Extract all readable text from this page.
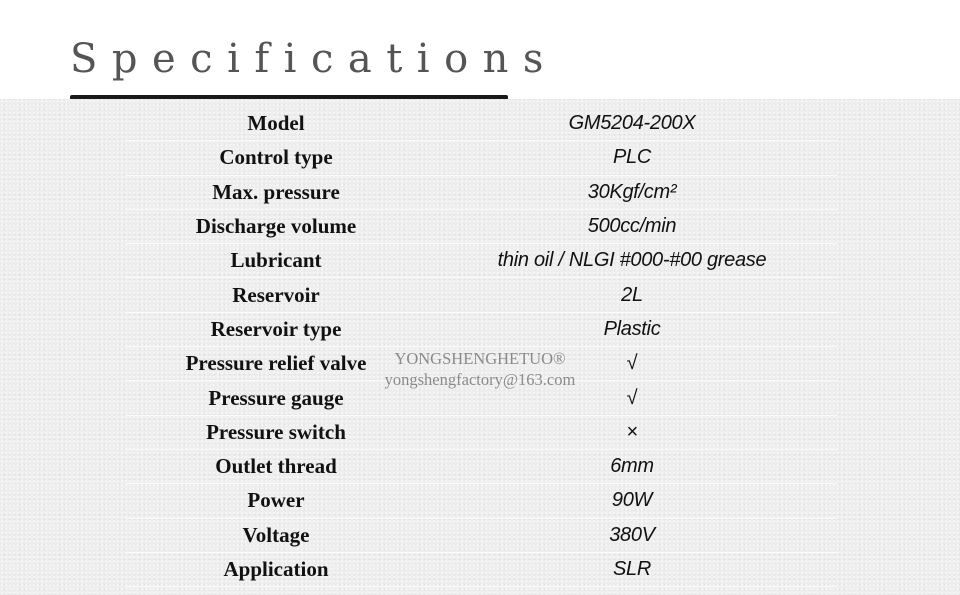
Specifications
Model	GM5204-200X
Control type	PLC
Max. pressure	30Kgf/cm²
Discharge volume	500cc/min
Lubricant	thin oil / NLGI #000-#00 grease
Reservoir	2L
Reservoir type	Plastic
Pressure relief valve	√
Pressure gauge	√
Pressure switch	×
Outlet thread	6mm
Power	90W
Voltage	380V
Application	SLR
YONGSHENGHETUO®
yongshengfactory@163.com
